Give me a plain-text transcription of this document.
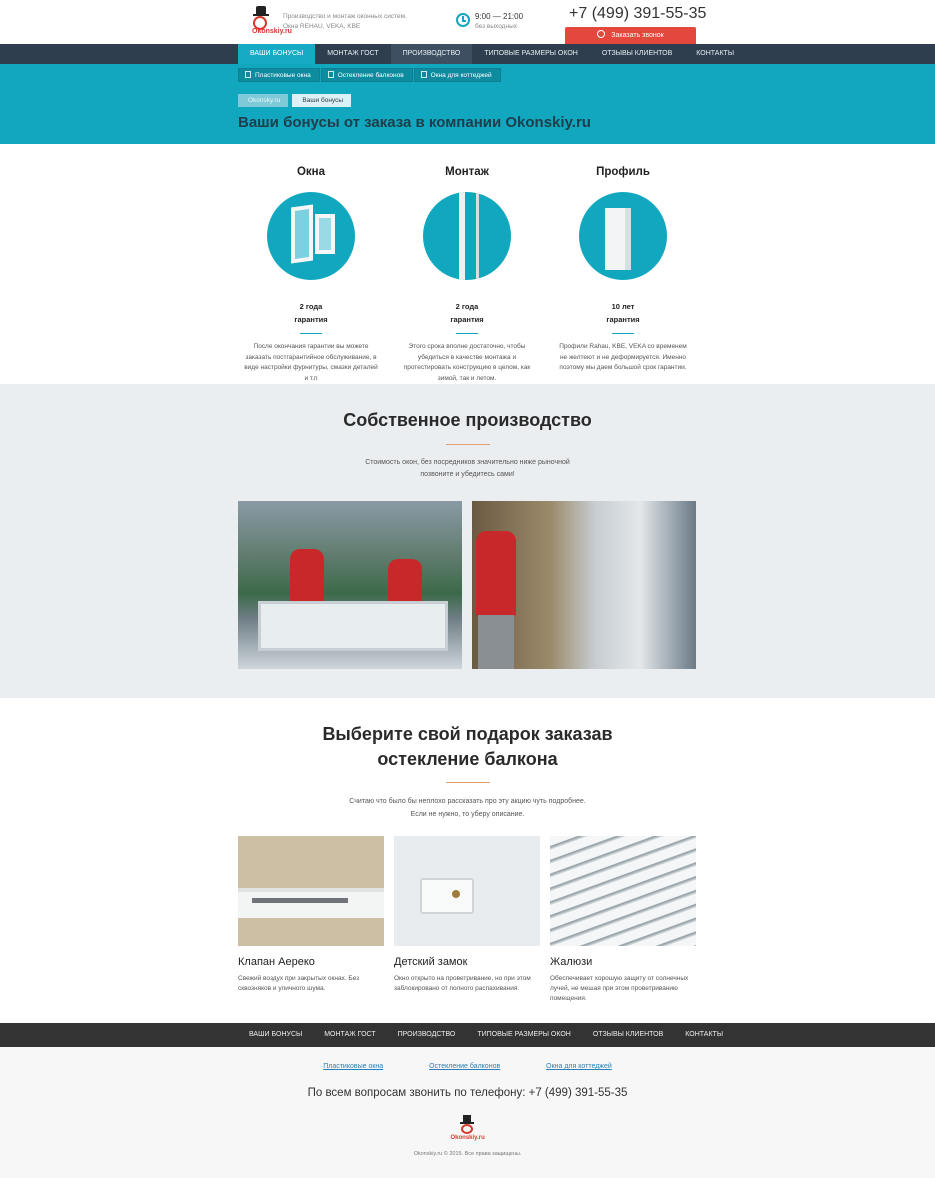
Okonskiy.ru
Производство и монтаж оконных систем.
Окна REHAU, VEKA, KBE
9:00 — 21:00
без выходных
+7 (499) 391-55-35
Заказать звонок
ВАШИ БОНУСЫ	МОНТАЖ ГОСТ	ПРОИЗВОДСТВО	ТИПОВЫЕ РАЗМЕРЫ ОКОН	ОТЗЫВЫ КЛИЕНТОВ	КОНТАКТЫ
Пластиковые окна	Остекление балконов	Окна для коттеджей
Okonsky.ru	Ваши бонусы
Ваши бонусы от заказа в компании Okonskiy.ru
Окна
2 года
гарантия

После окончания гарантии вы можете заказать постгарантийное обслуживание, в виде настройки фурнитуры, смазки деталей и т.п

Монтаж
2 года
гарантия

Этого срока вполне достаточно, чтобы убедиться в качестве монтажа и протестировать конструкцию в целом, как зимой, так и летом.

Профиль
10 лет
гарантия

Профили Rahau, KBE, VEKA со временем не желтеют и не деформируется. Именно поэтому мы даем большой срок гарантии.

Собственное производство

Стоимость окон, без посредников значительно ниже рыночной
позвоните и убедитесь сами!

Выберите свой подарок заказав
остекление балкона

Считаю что было бы неплохо рассказать про эту акцию чуть подробнее.
Если не нужно, то уберу описание.

Клапан Аереко
Свежий воздух при закрытых окнах. Без сквозняков и уличного шума.
Детский замок
Окно открыто на проветривание, но при этом заблокировано от полного распахивания.
Жалюзи
Обеспечивает хорошую защиту от солнечных лучей, не мешая при этом проветриванию помещения.
ВАШИ БОНУСЫ	МОНТАЖ ГОСТ	ПРОИЗВОДСТВО	ТИПОВЫЕ РАЗМЕРЫ ОКОН	ОТЗЫВЫ КЛИЕНТОВ	КОНТАКТЫ
Пластиковые окна	Остекление балконов	Окна для коттеджей
По всем вопросам звонить по телефону: +7 (499) 391-55-35
Okonskiy.ru
Okonskiy.ru © 2015. Все права защищены.
